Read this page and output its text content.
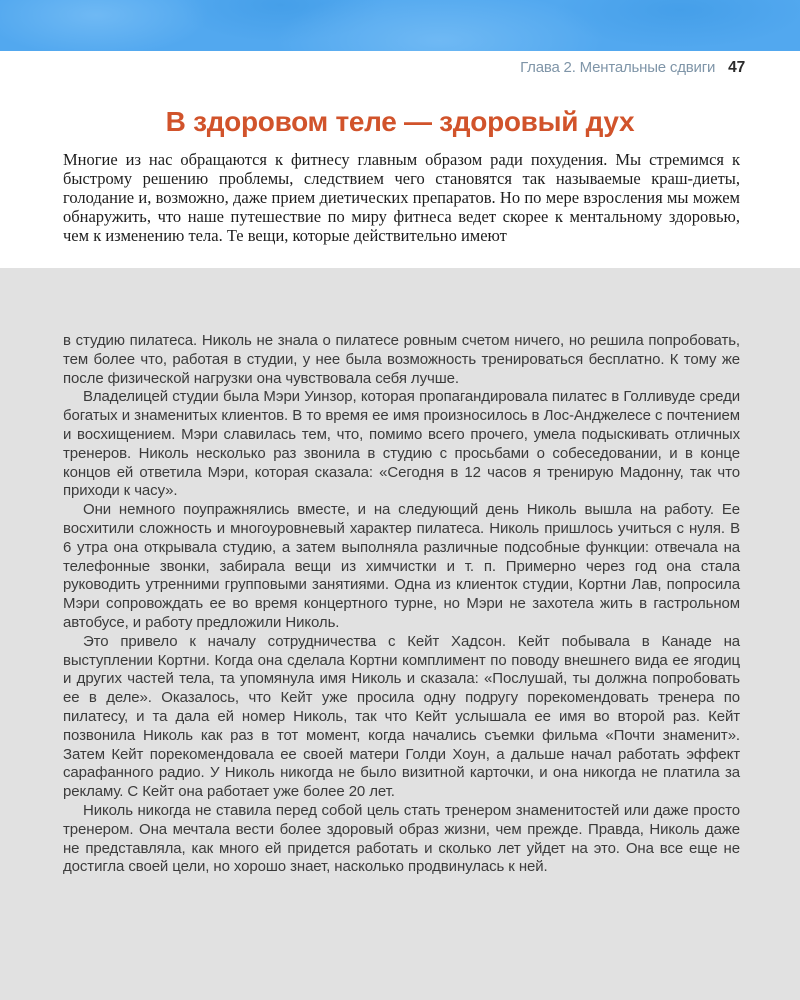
Глава 2. Ментальные сдвиги 47
В здоровом теле — здоровый дух

Многие из нас обращаются к фитнесу главным образом ради похудения. Мы стремимся к быстрому решению проблемы, следствием чего становятся так называемые краш-диеты, голодание и, возможно, даже прием диетических препаратов. Но по мере взросления мы можем обнаружить, что наше путешествие по миру фитнеса ведет скорее к ментальному здоровью, чем к изменению тела. Те вещи, которые действительно имеют

в студию пилатеса. Николь не знала о пилатесе ровным счетом ничего, но решила попробовать, тем более что, работая в студии, у нее была возможность тренироваться бесплатно. К тому же после физической нагрузки она чувствовала себя лучше.

Владелицей студии была Мэри Уинзор, которая пропагандировала пилатес в Голливуде среди богатых и знаменитых клиентов. В то время ее имя произносилось в Лос-Анджелесе с почтением и восхищением. Мэри славилась тем, что, помимо всего прочего, умела подыскивать отличных тренеров. Николь несколько раз звонила в студию с просьбами о собеседовании, и в конце концов ей ответила Мэри, которая сказала: «Сегодня в 12 часов я тренирую Мадонну, так что приходи к часу».

Они немного поупражнялись вместе, и на следующий день Николь вышла на работу. Ее восхитили сложность и многоуровневый характер пилатеса. Николь пришлось учиться с нуля. В 6 утра она открывала студию, а затем выполняла различные подсобные функции: отвечала на телефонные звонки, забирала вещи из химчистки и т. п. Примерно через год она стала руководить утренними групповыми занятиями. Одна из клиенток студии, Кортни Лав, попросила Мэри сопровождать ее во время концертного турне, но Мэри не захотела жить в гастрольном автобусе, и работу предложили Николь.

Это привело к началу сотрудничества с Кейт Хадсон. Кейт побывала в Канаде на выступлении Кортни. Когда она сделала Кортни комплимент по поводу внешнего вида ее ягодиц и других частей тела, та упомянула имя Николь и сказала: «Послушай, ты должна попробовать ее в деле». Оказалось, что Кейт уже просила одну подругу порекомендовать тренера по пилатесу, и та дала ей номер Николь, так что Кейт услышала ее имя во второй раз. Кейт позвонила Николь как раз в тот момент, когда начались съемки фильма «Почти знаменит». Затем Кейт порекомендовала ее своей матери Голди Хоун, а дальше начал работать эффект сарафанного радио. У Николь никогда не было визитной карточки, и она никогда не платила за рекламу. С Кейт она работает уже более 20 лет.

Николь никогда не ставила перед собой цель стать тренером знаменитостей или даже просто тренером. Она мечтала вести более здоровый образ жизни, чем прежде. Правда, Николь даже не представляла, как много ей придется работать и сколько лет уйдет на это. Она все еще не достигла своей цели, но хорошо знает, насколько продвинулась к ней.
